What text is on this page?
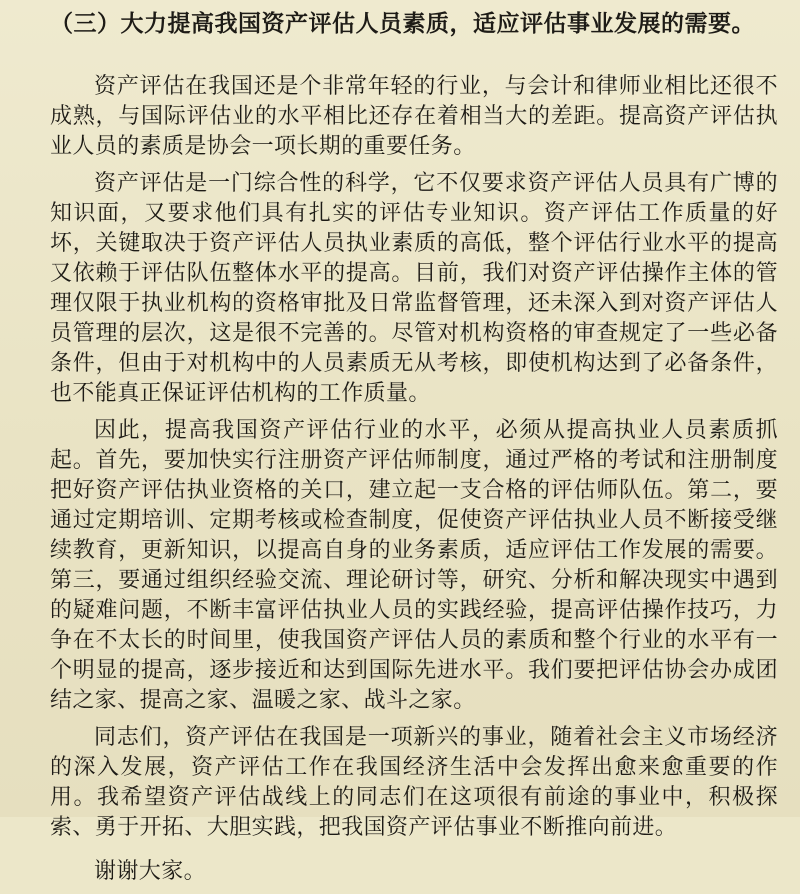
（三）大力提高我国资产评估人员素质，适应评估事业发展的需要。

资产评估在我国还是个非常年轻的行业，与会计和律师业相比还很不成熟，与国际评估业的水平相比还存在着相当大的差距。提高资产评估执业人员的素质是协会一项长期的重要任务。

资产评估是一门综合性的科学，它不仅要求资产评估人员具有广博的知识面，又要求他们具有扎实的评估专业知识。资产评估工作质量的好坏，关键取决于资产评估人员执业素质的高低，整个评估行业水平的提高又依赖于评估队伍整体水平的提高。目前，我们对资产评估操作主体的管理仅限于执业机构的资格审批及日常监督管理，还未深入到对资产评估人员管理的层次，这是很不完善的。尽管对机构资格的审查规定了一些必备条件，但由于对机构中的人员素质无从考核，即使机构达到了必备条件，也不能真正保证评估机构的工作质量。

因此，提高我国资产评估行业的水平，必须从提高执业人员素质抓起。首先，要加快实行注册资产评估师制度，通过严格的考试和注册制度把好资产评估执业资格的关口，建立起一支合格的评估师队伍。第二，要通过定期培训、定期考核或检查制度，促使资产评估执业人员不断接受继续教育，更新知识，以提高自身的业务素质，适应评估工作发展的需要。第三，要通过组织经验交流、理论研讨等，研究、分析和解决现实中遇到的疑难问题，不断丰富评估执业人员的实践经验，提高评估操作技巧，力争在不太长的时间里，使我国资产评估人员的素质和整个行业的水平有一个明显的提高，逐步接近和达到国际先进水平。我们要把评估协会办成团结之家、提高之家、温暖之家、战斗之家。

同志们，资产评估在我国是一项新兴的事业，随着社会主义市场经济的深入发展，资产评估工作在我国经济生活中会发挥出愈来愈重要的作用。我希望资产评估战线上的同志们在这项很有前途的事业中，积极探索、勇于开拓、大胆实践，把我国资产评估事业不断推向前进。

谢谢大家。
